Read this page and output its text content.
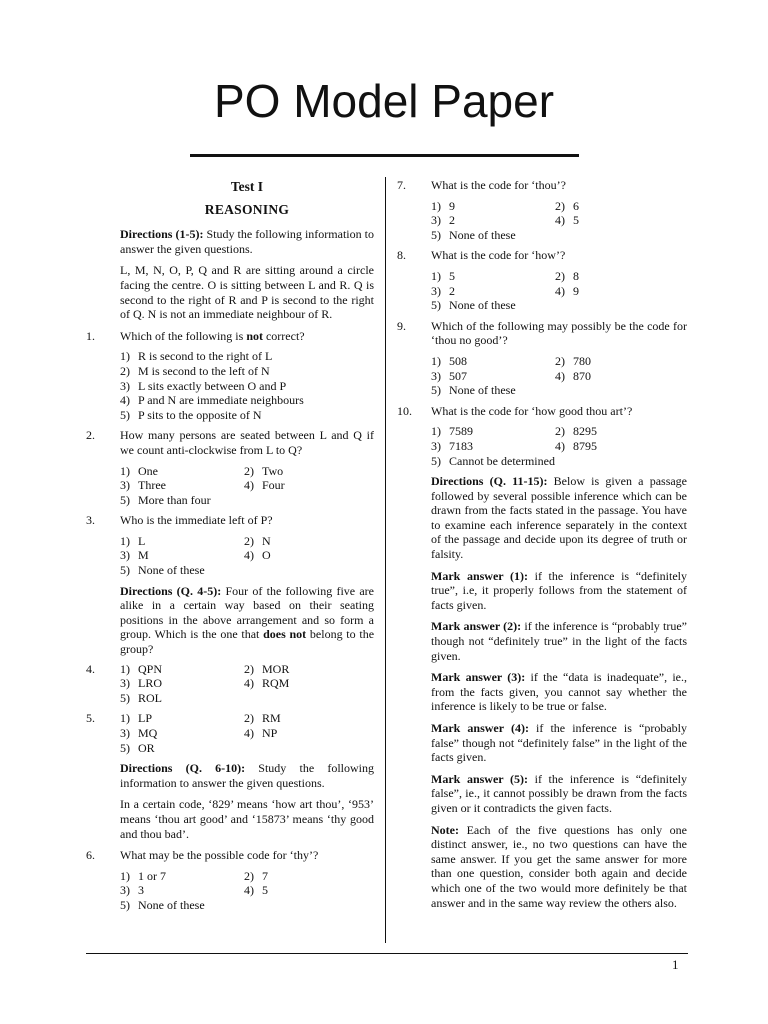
PO Model Paper
Test I
REASONING

Directions (1-5): Study the following information to answer the given questions.

L, M, N, O, P, Q and R are sitting around a circle facing the centre. O is sitting between L and R. Q is second to the right of R and P is second to the right of Q. N is not an immediate neighbour of R.

1.	Which of the following is not correct?
1) R is second to the right of L
2) M is second to the left of N
3) L sits exactly between O and P
4) P and N are immediate neighbours
5) P sits to the opposite of N
2.	How many persons are seated between L and Q if we count anti-clockwise from L to Q?
1) One	2) Two
3) Three	4) Four
5) More than four
3.	Who is the immediate left of P?
1) L	2) N
3) M	4) O
5) None of these

Directions (Q. 4-5): Four of the following five are alike in a certain way based on their seating positions in the above arrangement and so form a group. Which is the one that does not belong to the group?

4.	1) QPN	2) MOR
3) LRO	4) RQM
5) ROL
5.	1) LP	2) RM
3) MQ	4) NP
5) OR

Directions (Q. 6-10): Study the following information to answer the given questions.

In a certain code, ‘829’ means ‘how art thou’, ‘953’ means ‘thou art good’ and ‘15873’ means ‘thy good and thou bad’.

6.	What may be the possible code for ‘thy’?
1) 1 or 7	2) 7
3) 3	4) 5
5) None of these
7.	What is the code for ‘thou’?
1) 9	2) 6
3) 2	4) 5
5) None of these
8.	What is the code for ‘how’?
1) 5	2) 8
3) 2	4) 9
5) None of these
9.	Which of the following may possibly be the code for ‘thou no good’?
1) 508	2) 780
3) 507	4) 870
5) None of these
10.	What is the code for ‘how good thou art’?
1) 7589	2) 8295
3) 7183	4) 8795
5) Cannot be determined

Directions (Q. 11-15): Below is given a passage followed by several possible inference which can be drawn from the facts stated in the passage. You have to examine each inference separately in the context of the passage and decide upon its degree of truth or falsity.

Mark answer (1): if the inference is “definitely true”, i.e, it properly follows from the statement of facts given.

Mark answer (2): if the inference is “probably true” though not “definitely true” in the light of the facts given.

Mark answer (3): if the “data is inadequate”, ie., from the facts given, you cannot say whether the inference is likely to be true or false.

Mark answer (4): if the inference is “probably false” though not “definitely false” in the light of the facts given.

Mark answer (5): if the inference is “definitely false”, ie., it cannot possibly be drawn from the facts given or it contradicts the given facts.

Note: Each of the five questions has only one distinct answer, ie., no two questions can have the same answer. If you get the same answer for more than one question, consider both again and decide which one of the two would more definitely be that answer and in the same way review the others also.

1
